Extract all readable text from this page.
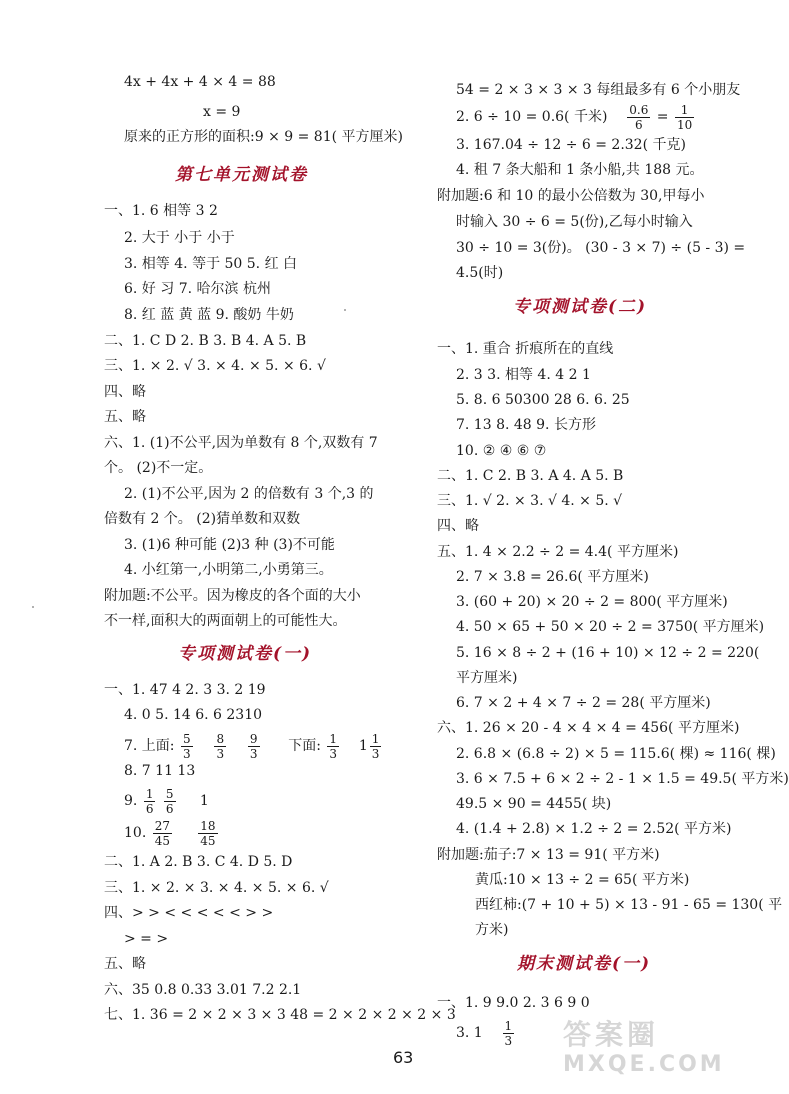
4x + 4x + 4 × 4 = 88
x = 9
原来的正方形的面积:9 × 9 = 81( 平方厘米)
第七单元测试卷
一、1. 6 相等 3 2
2. 大于 小于 小于
3. 相等 4. 等于 50 5. 红 白
6. 好 习 7. 哈尔滨 杭州
8. 红 蓝 黄 蓝 9. 酸奶 牛奶
二、1. C D 2. B 3. B 4. A 5. B
三、1. × 2. √ 3. × 4. × 5. × 6. √
四、略
五、略
六、1. (1)不公平,因为单数有 8 个,双数有 7
个。 (2)不一定。
2. (1)不公平,因为 2 的倍数有 3 个,3 的
倍数有 2 个。 (2)猜单数和双数
3. (1)6 种可能 (2)3 种 (3)不可能
4. 小红第一,小明第二,小勇第三。
附加题:不公平。因为橡皮的各个面的大小
不一样,面积大的两面朝上的可能性大。
专项测试卷(一)
一、1. 47 4 2. 3 3. 2 19
4. 0 5. 14 6. 6 2310
7. 上面: $\frac{5}{3}$
$\frac{8}{3}$
$\frac{9}{3}$ 下面: $\frac{1}{3}$
$1 \frac{1}{3}$
8. 7 11 13
9. $\frac{1}{6}$
$\frac{5}{6} 1$
10. $\frac{27}{45}$
$\frac{18}{45}$
二、1. A 2. B 3. C 4. D 5. D
三、1. × 2. × 3. × 4. × 5. × 6. √
四、> > < < < < < > >
> = >
五、略
六、35 0.8 0.33 3.01 7.2 2.1
七、1. 36 = 2 × 2 × 3 × 3 48 = 2 × 2 × 2 × 2 × 3
54 = 2 × 3 × 3 × 3 每组最多有 6 个小朋友
2. 6 ÷ 10 = 0.6( 千米) $\frac{0.6}{6} = \frac{1}{10}$
3. 167.04 ÷ 12 ÷ 6 = 2.32( 千克)
4. 租 7 条大船和 1 条小船,共 188 元。
附加题:6 和 10 的最小公倍数为 30,甲每小
时输入 30 ÷ 6 = 5(份),乙每小时输入
30 ÷ 10 = 3(份)。 (30 - 3 × 7) ÷ (5 - 3) =
4.5(时)
专项测试卷(二)
一、1. 重合 折痕所在的直线
2. 3 3. 相等 4. 4 2 1
5. 8. 6 50300 28 6. 6. 25
7. 13 8. 48 9. 长方形
10. ② ④ ⑥ ⑦
二、1. C 2. B 3. A 4. A 5. B
三、1. √ 2. × 3. √ 4. × 5. √
四、略
五、1. 4 × 2.2 ÷ 2 = 4.4( 平方厘米)
2. 7 × 3.8 = 26.6( 平方厘米)
3. (60 + 20) × 20 ÷ 2 = 800( 平方厘米)
4. 50 × 65 + 50 × 20 ÷ 2 = 3750( 平方厘米)
5. 16 × 8 ÷ 2 + (16 + 10) × 12 ÷ 2 = 220(
平方厘米)
6. 7 × 2 + 4 × 7 ÷ 2 = 28( 平方厘米)
六、1. 26 × 20 - 4 × 4 × 4 = 456( 平方厘米)
2. 6.8 × (6.8 ÷ 2) × 5 = 115.6( 棵) ≈ 116( 棵)
3. 6 × 7.5 + 6 × 2 ÷ 2 - 1 × 1.5 = 49.5( 平方米)
49.5 × 90 = 4455( 块)
4. (1.4 + 2.8) × 1.2 ÷ 2 = 2.52( 平方米)
附加题:茄子:7 × 13 = 91( 平方米)
黄瓜:10 × 13 ÷ 2 = 65( 平方米)
西红柿:(7 + 10 + 5) × 13 - 91 - 65 = 130( 平
方米)
期末测试卷(一)
一、1. 9 9.0 2. 3 6 9 0
3. $1 \frac{1}{3}$
63
答案圈
MXQE.COM
